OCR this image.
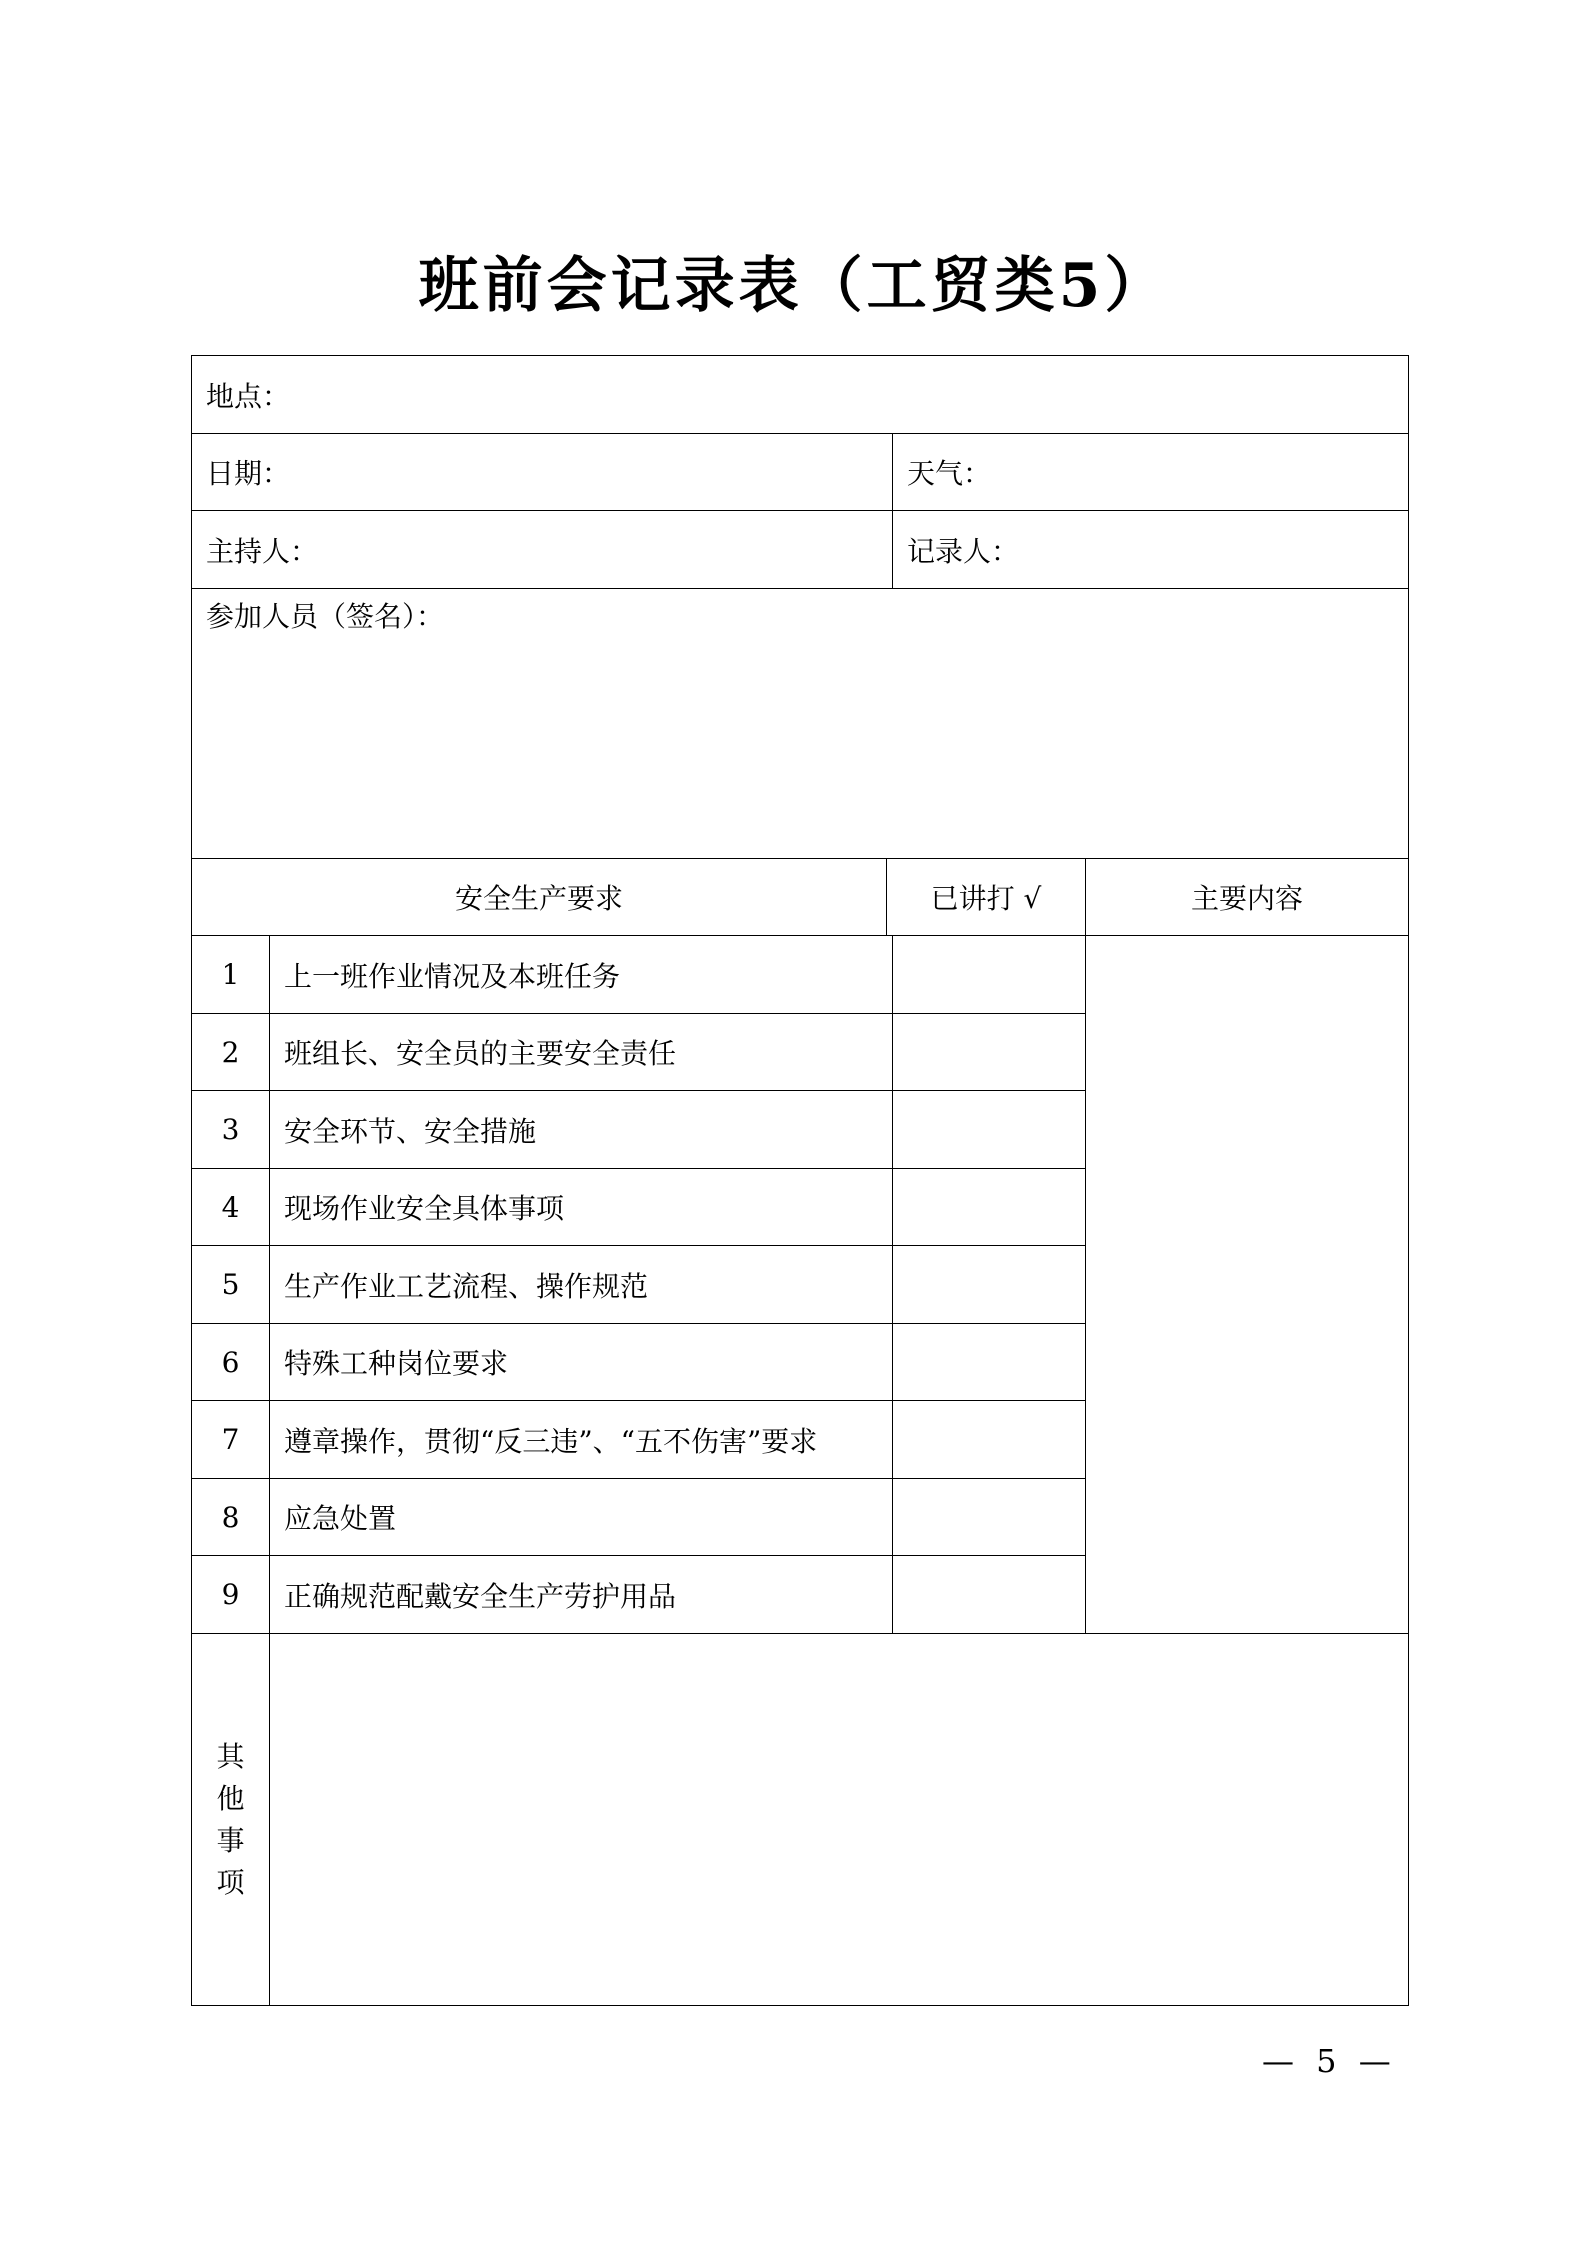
班前会记录表（工贸类5）
地点：				
日期：			天气：	
主持人：			记录人：	
参加人员（签名）：				
安全生产要求		已讲打 √		主要内容
1	上一班作业情况及本班任务			
2	班组长、安全员的主要安全责任			
3	安全环节、安全措施			
4	现场作业安全具体事项			
5	生产作业工艺流程、操作规范			
6	特殊工种岗位要求			
7	遵章操作，贯彻“反三违”、“五不伤害”要求			
8	应急处置			
9	正确规范配戴安全生产劳护用品			

其
他
事
项				

— 5 —
